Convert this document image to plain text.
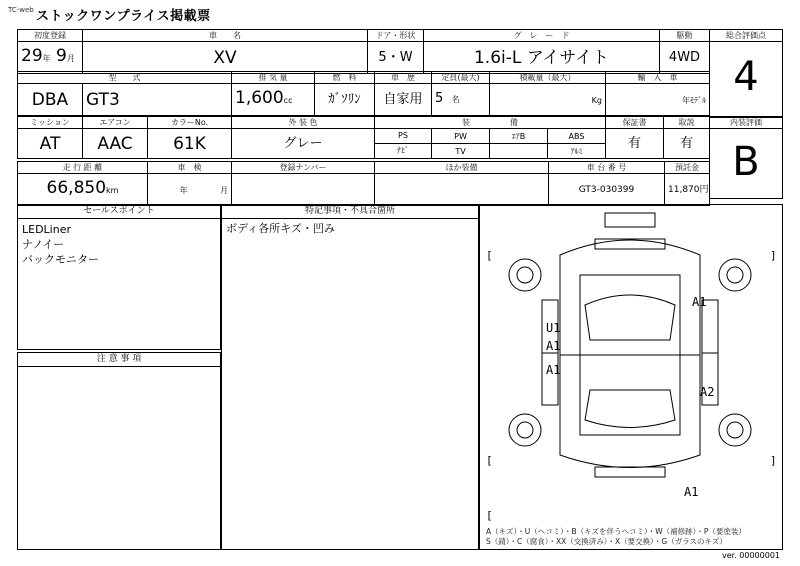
TC-web ストックワンプライス掲載票
初度登録	車　　名	ドア・形状	グ　レ　ー　ド	駆動
29年 9月	XV	5・W	1.6i-L アイサイト	4WD
型　　式		排 気 量	燃　料	車　歴	定員(最大)	積載量（最大）	輸　入　車
DBA	GT3	1,600cc	ｶﾞｿﾘﾝ	自家用	5 名	Kg	年ﾓﾃﾞﾙ
ミッション	エアコン	カラーNo.	外 装 色	装　　　　　備				保証書	取説
AT	AAC	61K	グレー	PS	PW	ｴｱB	ABS	有	有
				ﾅﾋﾞ	TV		ｱﾙﾐ		
走 行 距 離	車　検	登録ナンバー	ほか装備	車 台 番 号	預託金
66,850km	年 月			GT3-030399	11,870円
総合評価点
4
内装評価
B
セールスポイント
LEDLiner
ナノイー
バックモニター
注 意 事 項
特記事項・不具合箇所
ボディ各所キズ・凹み
[	]
[	]
[
A1
U1
A1
A1
A2
A1
A（キズ）・U（ヘコミ）・B（キズを伴うヘコミ）・W（補修跡）・P（要塗装）
S（錆）・C（腐食）・XX（交換済み）・X（要交換）・G（ガラスのキズ）
ver. 00000001
